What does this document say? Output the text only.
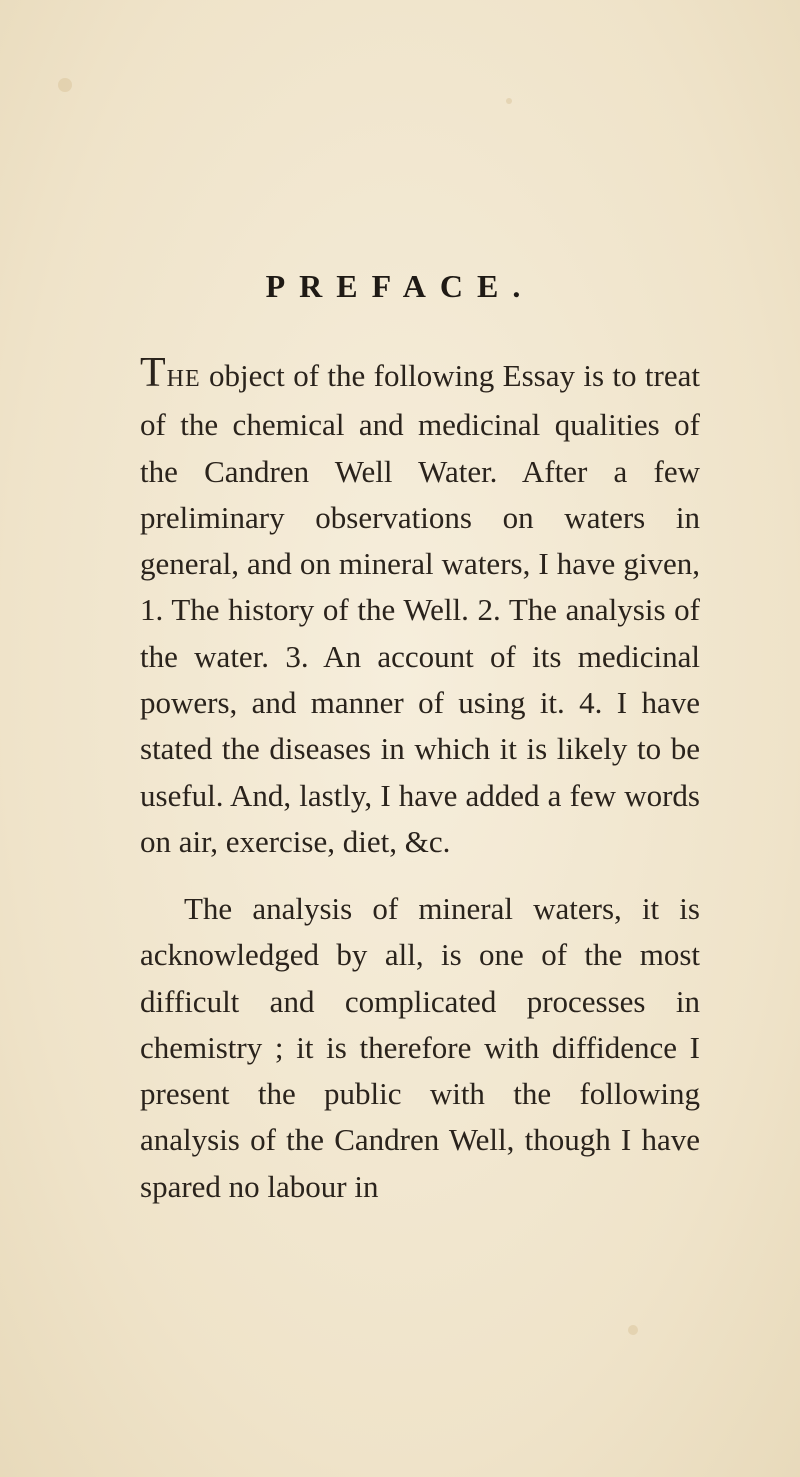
PREFACE.

THE object of the following Essay is to treat of the chemical and medicinal qualities of the Candren Well Water. After a few preliminary observations on waters in general, and on mineral waters, I have given, 1. The history of the Well. 2. The analysis of the water. 3. An account of its medicinal powers, and manner of using it. 4. I have stated the diseases in which it is likely to be useful. And, lastly, I have added a few words on air, exercise, diet, &c.

The analysis of mineral waters, it is acknowledged by all, is one of the most difficult and complicated processes in chemistry ; it is therefore with diffidence I present the public with the following analysis of the Candren Well, though I have spared no labour in
